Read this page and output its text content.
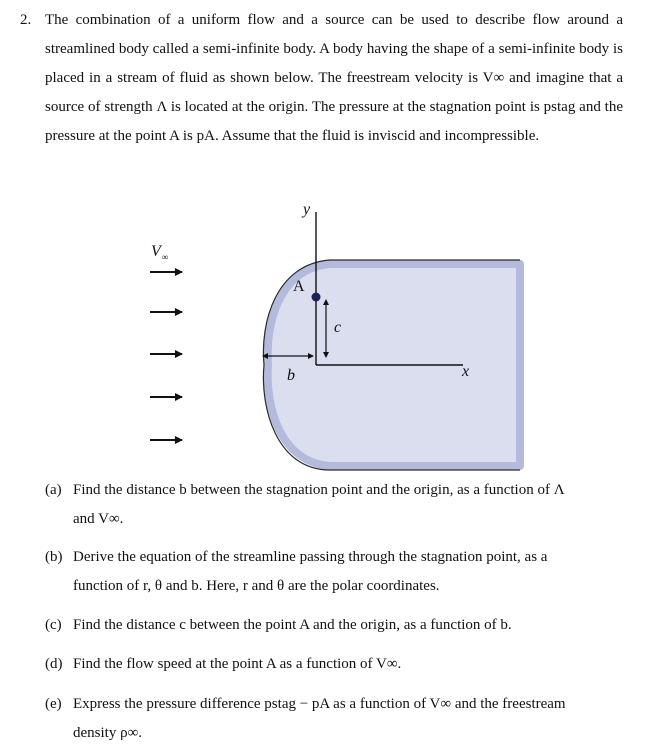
2. The combination of a uniform flow and a source can be used to describe flow around a streamlined body called a semi-infinite body. A body having the shape of a semi-infinite body is placed in a stream of fluid as shown below. The freestream velocity is V∞ and imagine that a source of strength Λ is located at the origin. The pressure at the stagnation point is pstag and the pressure at the point A is pA. Assume that the fluid is inviscid and incompressible.

$V_\infty$
y
x
A
c
b

(a) Find the distance b between the stagnation point and the origin, as a function of Λ
and V∞.

(b) Derive the equation of the streamline passing through the stagnation point, as a
function of r, θ and b. Here, r and θ are the polar coordinates.

(c) Find the distance c between the point A and the origin, as a function of b.

(d) Find the flow speed at the point A as a function of V∞.

(e) Express the pressure difference pstag − pA as a function of V∞ and the freestream
density ρ∞.
